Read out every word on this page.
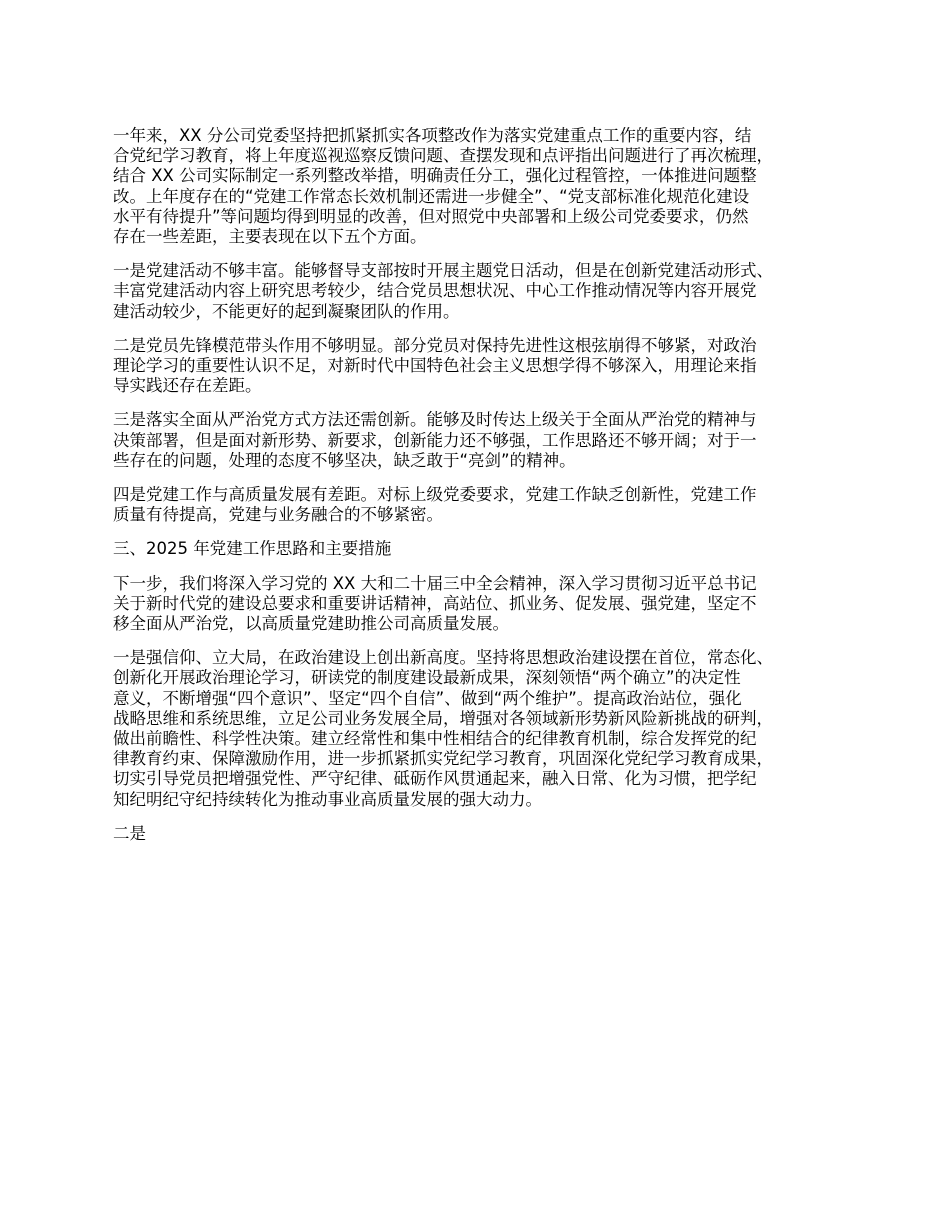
一年来，XX 分公司党委坚持把抓紧抓实各项整改作为落实党建重点工作的重要内容，结
合党纪学习教育，将上年度巡视巡察反馈问题、查摆发现和点评指出问题进行了再次梳理，
结合 XX 公司实际制定一系列整改举措，明确责任分工，强化过程管控，一体推进问题整
改。上年度存在的“党建工作常态长效机制还需进一步健全”、“党支部标准化规范化建设
水平有待提升”等问题均得到明显的改善，但对照党中央部署和上级公司党委要求，仍然
存在一些差距，主要表现在以下五个方面。

一是党建活动不够丰富。能够督导支部按时开展主题党日活动，但是在创新党建活动形式、
丰富党建活动内容上研究思考较少，结合党员思想状况、中心工作推动情况等内容开展党
建活动较少，不能更好的起到凝聚团队的作用。

二是党员先锋模范带头作用不够明显。部分党员对保持先进性这根弦崩得不够紧，对政治
理论学习的重要性认识不足，对新时代中国特色社会主义思想学得不够深入，用理论来指
导实践还存在差距。

三是落实全面从严治党方式方法还需创新。能够及时传达上级关于全面从严治党的精神与
决策部署，但是面对新形势、新要求，创新能力还不够强，工作思路还不够开阔；对于一
些存在的问题，处理的态度不够坚决，缺乏敢于“亮剑”的精神。

四是党建工作与高质量发展有差距。对标上级党委要求，党建工作缺乏创新性，党建工作
质量有待提高，党建与业务融合的不够紧密。

三、2025 年党建工作思路和主要措施

下一步，我们将深入学习党的 XX 大和二十届三中全会精神，深入学习贯彻习近平总书记
关于新时代党的建设总要求和重要讲话精神，高站位、抓业务、促发展、强党建，坚定不
移全面从严治党，以高质量党建助推公司高质量发展。

一是强信仰、立大局，在政治建设上创出新高度。坚持将思想政治建设摆在首位，常态化、
创新化开展政治理论学习，研读党的制度建设最新成果，深刻领悟“两个确立”的决定性
意义，不断增强“四个意识”、坚定“四个自信”、做到“两个维护”。提高政治站位，强化
战略思维和系统思维，立足公司业务发展全局，增强对各领域新形势新风险新挑战的研判，
做出前瞻性、科学性决策。建立经常性和集中性相结合的纪律教育机制，综合发挥党的纪
律教育约束、保障激励作用，进一步抓紧抓实党纪学习教育，巩固深化党纪学习教育成果，
切实引导党员把增强党性、严守纪律、砥砺作风贯通起来，融入日常、化为习惯，把学纪
知纪明纪守纪持续转化为推动事业高质量发展的强大动力。

二是
